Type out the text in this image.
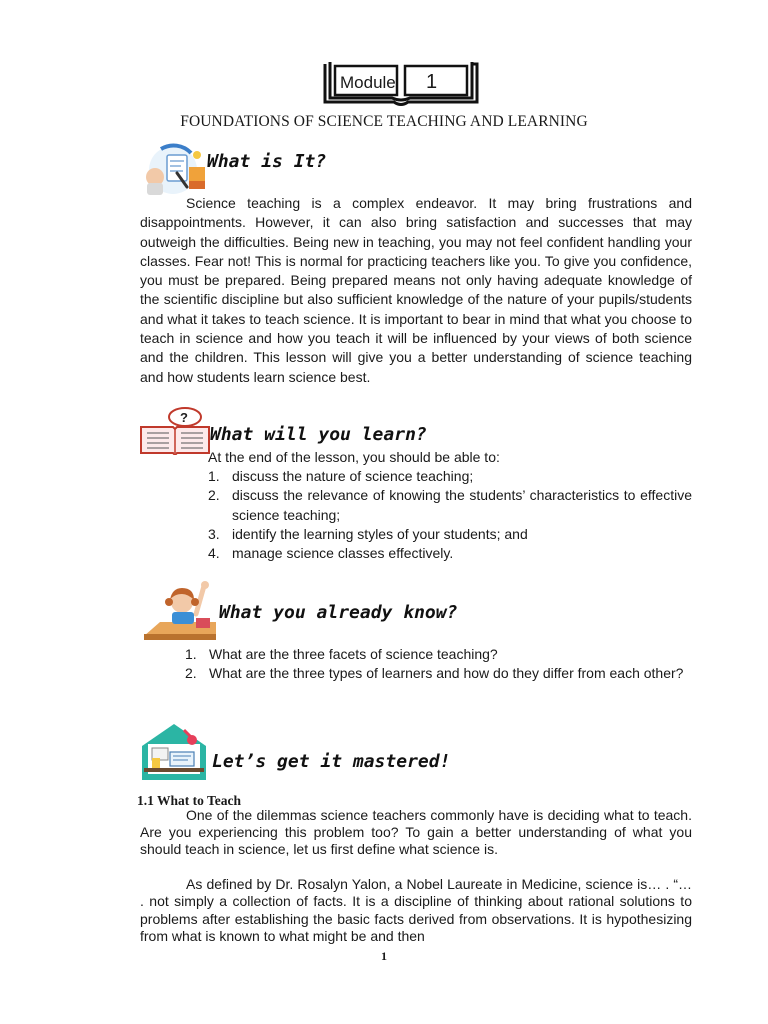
Module 1
FOUNDATIONS OF SCIENCE TEACHING AND LEARNING
What is It?

Science teaching is a complex endeavor. It may bring frustrations and disappointments. However, it can also bring satisfaction and successes that may outweigh the difficulties. Being new in teaching, you may not feel confident handling your classes. Fear not! This is normal for practicing teachers like you. To give you confidence, you must be prepared. Being prepared means not only having adequate knowledge of the scientific discipline but also sufficient knowledge of the nature of your pupils/students and what it takes to teach science. It is important to bear in mind that what you choose to teach in science and how you teach it will be influenced by your views of both science and the children. This lesson will give you a better understanding of science teaching and how students learn science best.

?
What will you learn?
At the end of the lesson, you should be able to:
1. discuss the nature of science teaching;
2. discuss the relevance of knowing the students’ characteristics to effective science teaching;
3. identify the learning styles of your students; and
4. manage science classes effectively.
What you already know?
1. What are the three facets of science teaching?
2. What are the three types of learners and how do they differ from each other?
Let’s get it mastered!
1.1 What to Teach

One of the dilemmas science teachers commonly have is deciding what to teach. Are you experiencing this problem too? To gain a better understanding of what you should teach in science, let us first define what science is.

As defined by Dr. Rosalyn Yalon, a Nobel Laureate in Medicine, science is… . “… . not simply a collection of facts. It is a discipline of thinking about rational solutions to problems after establishing the basic facts derived from observations. It is hypothesizing from what is known to what might be and then

1
